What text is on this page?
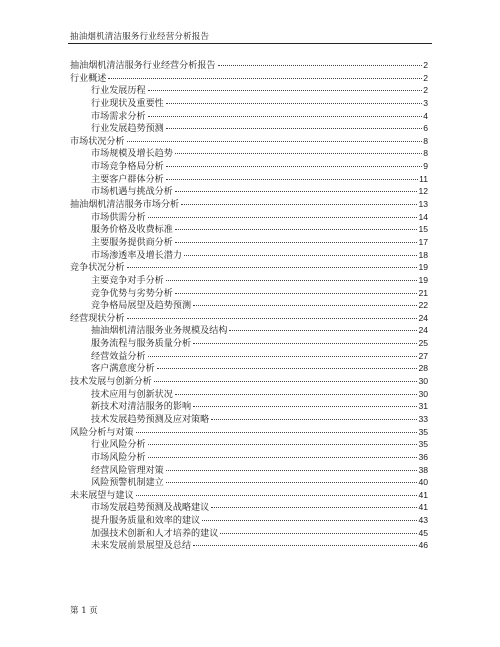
抽油烟机清洁服务行业经营分析报告
抽油烟机清洁服务行业经营分析报告	2
行业概述	2
行业发展历程	2
行业现状及重要性	3
市场需求分析	4
行业发展趋势预测	6
市场状况分析	8
市场规模及增长趋势	8
市场竞争格局分析	9
主要客户群体分析	11
市场机遇与挑战分析	12
抽油烟机清洁服务市场分析	13
市场供需分析	14
服务价格及收费标准	15
主要服务提供商分析	17
市场渗透率及增长潜力	18
竞争状况分析	19
主要竞争对手分析	19
竞争优势与劣势分析	21
竞争格局展望及趋势预测	22
经营现状分析	24
抽油烟机清洁服务业务规模及结构	24
服务流程与服务质量分析	25
经营效益分析	27
客户满意度分析	28
技术发展与创新分析	30
技术应用与创新状况	30
新技术对清洁服务的影响	31
技术发展趋势预测及应对策略	33
风险分析与对策	35
行业风险分析	35
市场风险分析	36
经营风险管理对策	38
风险预警机制建立	40
未来展望与建议	41
市场发展趋势预测及战略建议	41
提升服务质量和效率的建议	43
加强技术创新和人才培养的建议	45
未来发展前景展望及总结	46
第 1 页
